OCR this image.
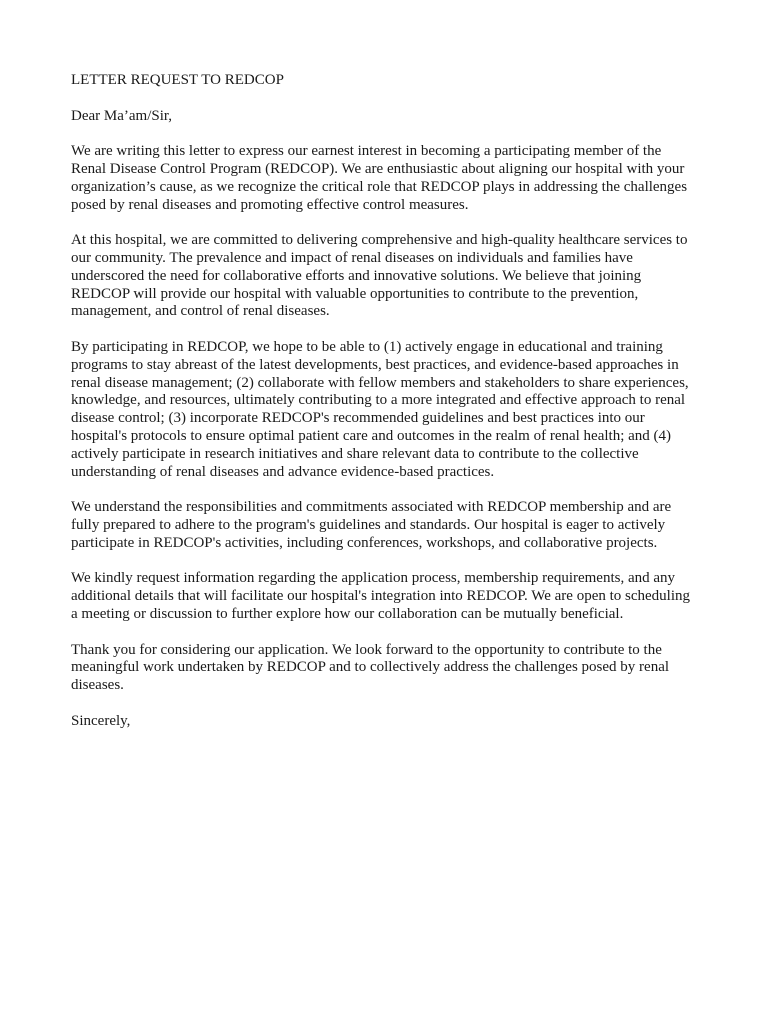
LETTER REQUEST TO REDCOP

Dear Ma’am/Sir,

We are writing this letter to express our earnest interest in becoming a participating member of the Renal Disease Control Program (REDCOP). We are enthusiastic about aligning our hospital with your organization’s cause, as we recognize the critical role that REDCOP plays in addressing the challenges posed by renal diseases and promoting effective control measures.

At this hospital, we are committed to delivering comprehensive and high-quality healthcare services to our community. The prevalence and impact of renal diseases on individuals and families have underscored the need for collaborative efforts and innovative solutions. We believe that joining REDCOP will provide our hospital with valuable opportunities to contribute to the prevention, management, and control of renal diseases.

By participating in REDCOP, we hope to be able to (1) actively engage in educational and training programs to stay abreast of the latest developments, best practices, and evidence-based approaches in renal disease management; (2) collaborate with fellow members and stakeholders to share experiences, knowledge, and resources, ultimately contributing to a more integrated and effective approach to renal disease control; (3) incorporate REDCOP's recommended guidelines and best practices into our hospital's protocols to ensure optimal patient care and outcomes in the realm of renal health; and (4) actively participate in research initiatives and share relevant data to contribute to the collective understanding of renal diseases and advance evidence-based practices.

We understand the responsibilities and commitments associated with REDCOP membership and are fully prepared to adhere to the program's guidelines and standards. Our hospital is eager to actively participate in REDCOP's activities, including conferences, workshops, and collaborative projects.

We kindly request information regarding the application process, membership requirements, and any additional details that will facilitate our hospital's integration into REDCOP. We are open to scheduling a meeting or discussion to further explore how our collaboration can be mutually beneficial.

Thank you for considering our application. We look forward to the opportunity to contribute to the meaningful work undertaken by REDCOP and to collectively address the challenges posed by renal diseases.

Sincerely,
